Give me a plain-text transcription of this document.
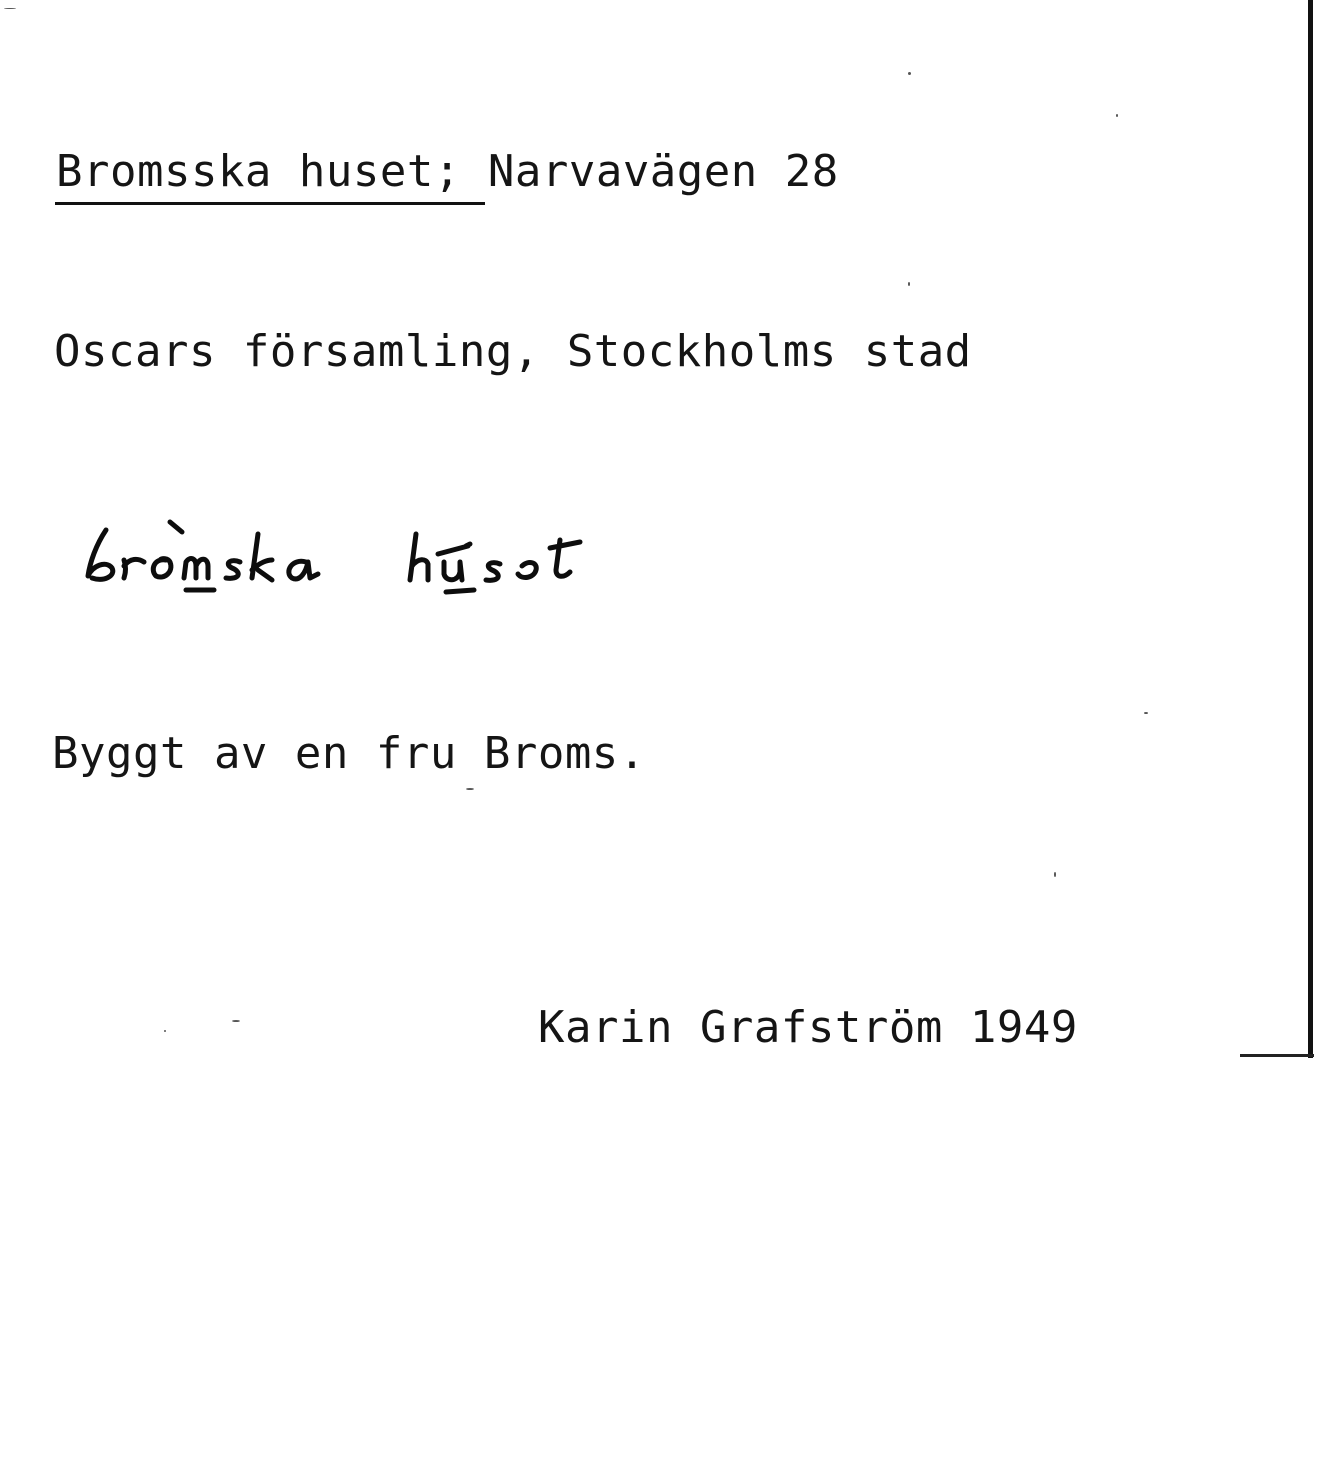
Bromsska huset; Narvavägen 28
Oscars församling, Stockholms stad
Byggt av en fru Broms.
Karin Grafström 1949
